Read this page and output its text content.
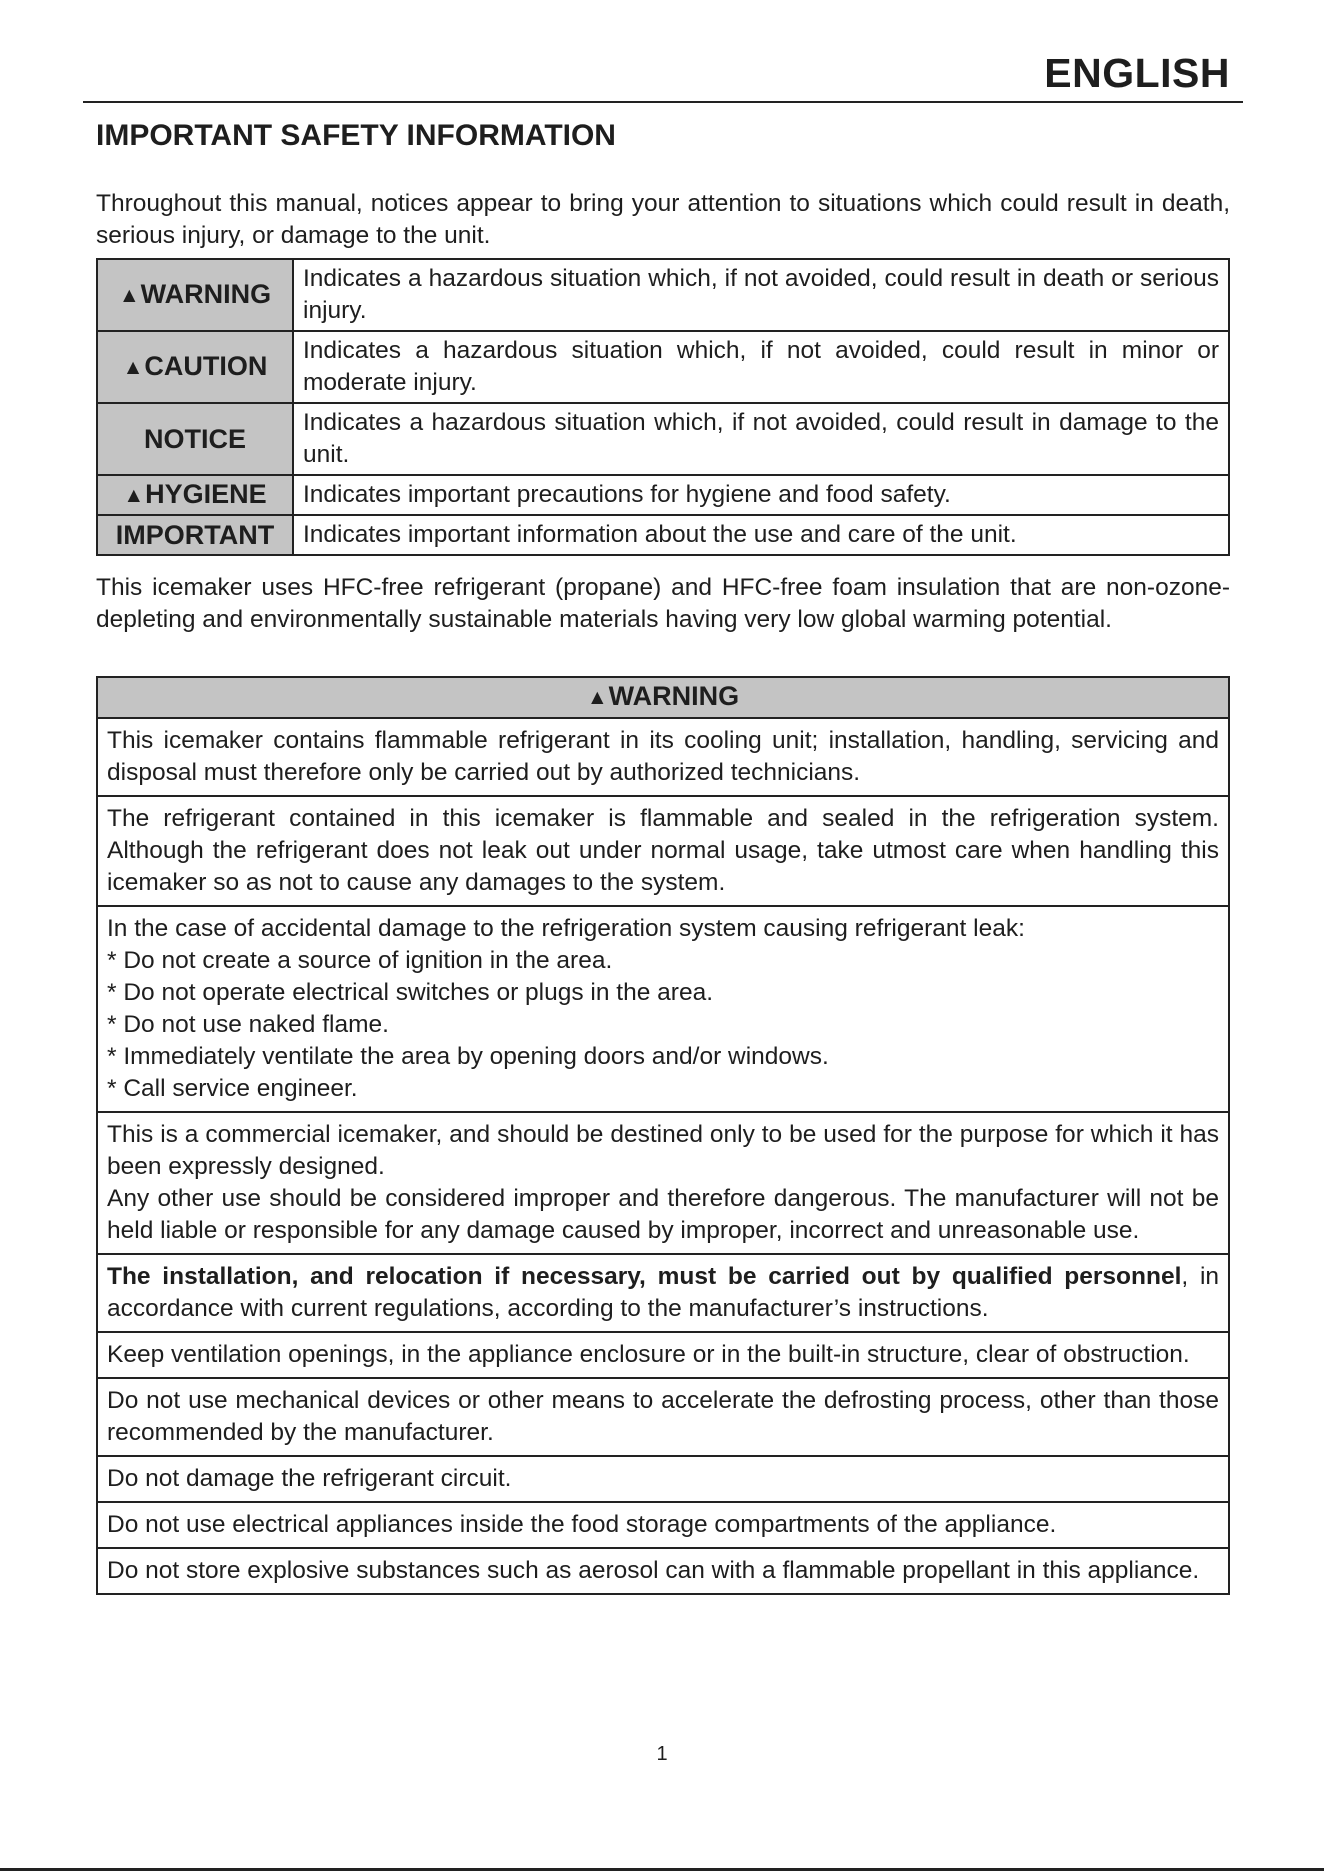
ENGLISH

IMPORTANT SAFETY INFORMATION

Throughout this manual, notices appear to bring your attention to situations which could result in death, serious injury, or damage to the unit.

▲WARNING	Indicates a hazardous situation which, if not avoided, could result in death or serious injury.
▲CAUTION	Indicates a hazardous situation which, if not avoided, could result in minor or moderate injury.
NOTICE	Indicates a hazardous situation which, if not avoided, could result in damage to the unit.
▲HYGIENE	Indicates important precautions for hygiene and food safety.
IMPORTANT	Indicates important information about the use and care of the unit.

This icemaker uses HFC-free refrigerant (propane) and HFC-free foam insulation that are non-ozone-depleting and environmentally sustainable materials having very low global warming potential.

▲WARNING
This icemaker contains flammable refrigerant in its cooling unit; installation, handling, servicing and disposal must therefore only be carried out by authorized technicians.
The refrigerant contained in this icemaker is flammable and sealed in the refrigeration system. Although the refrigerant does not leak out under normal usage, take utmost care when handling this icemaker so as not to cause any damages to the system.

In the case of accidental damage to the refrigeration system causing refrigerant leak:
* Do not create a source of ignition in the area.
* Do not operate electrical switches or plugs in the area.
* Do not use naked flame.
* Immediately ventilate the area by opening doors and/or windows.
* Call service engineer.

This is a commercial icemaker, and should be destined only to be used for the purpose for which it has been expressly designed.
Any other use should be considered improper and therefore dangerous. The manufacturer will not be held liable or responsible for any damage caused by improper, incorrect and unreasonable use.

The installation, and relocation if necessary, must be carried out by qualified personnel, in accordance with current regulations, according to the manufacturer’s instructions.
Keep ventilation openings, in the appliance enclosure or in the built-in structure, clear of obstruction.
Do not use mechanical devices or other means to accelerate the defrosting process, other than those recommended by the manufacturer.
Do not damage the refrigerant circuit.
Do not use electrical appliances inside the food storage compartments of the appliance.
Do not store explosive substances such as aerosol can with a flammable propellant in this appliance.

1
